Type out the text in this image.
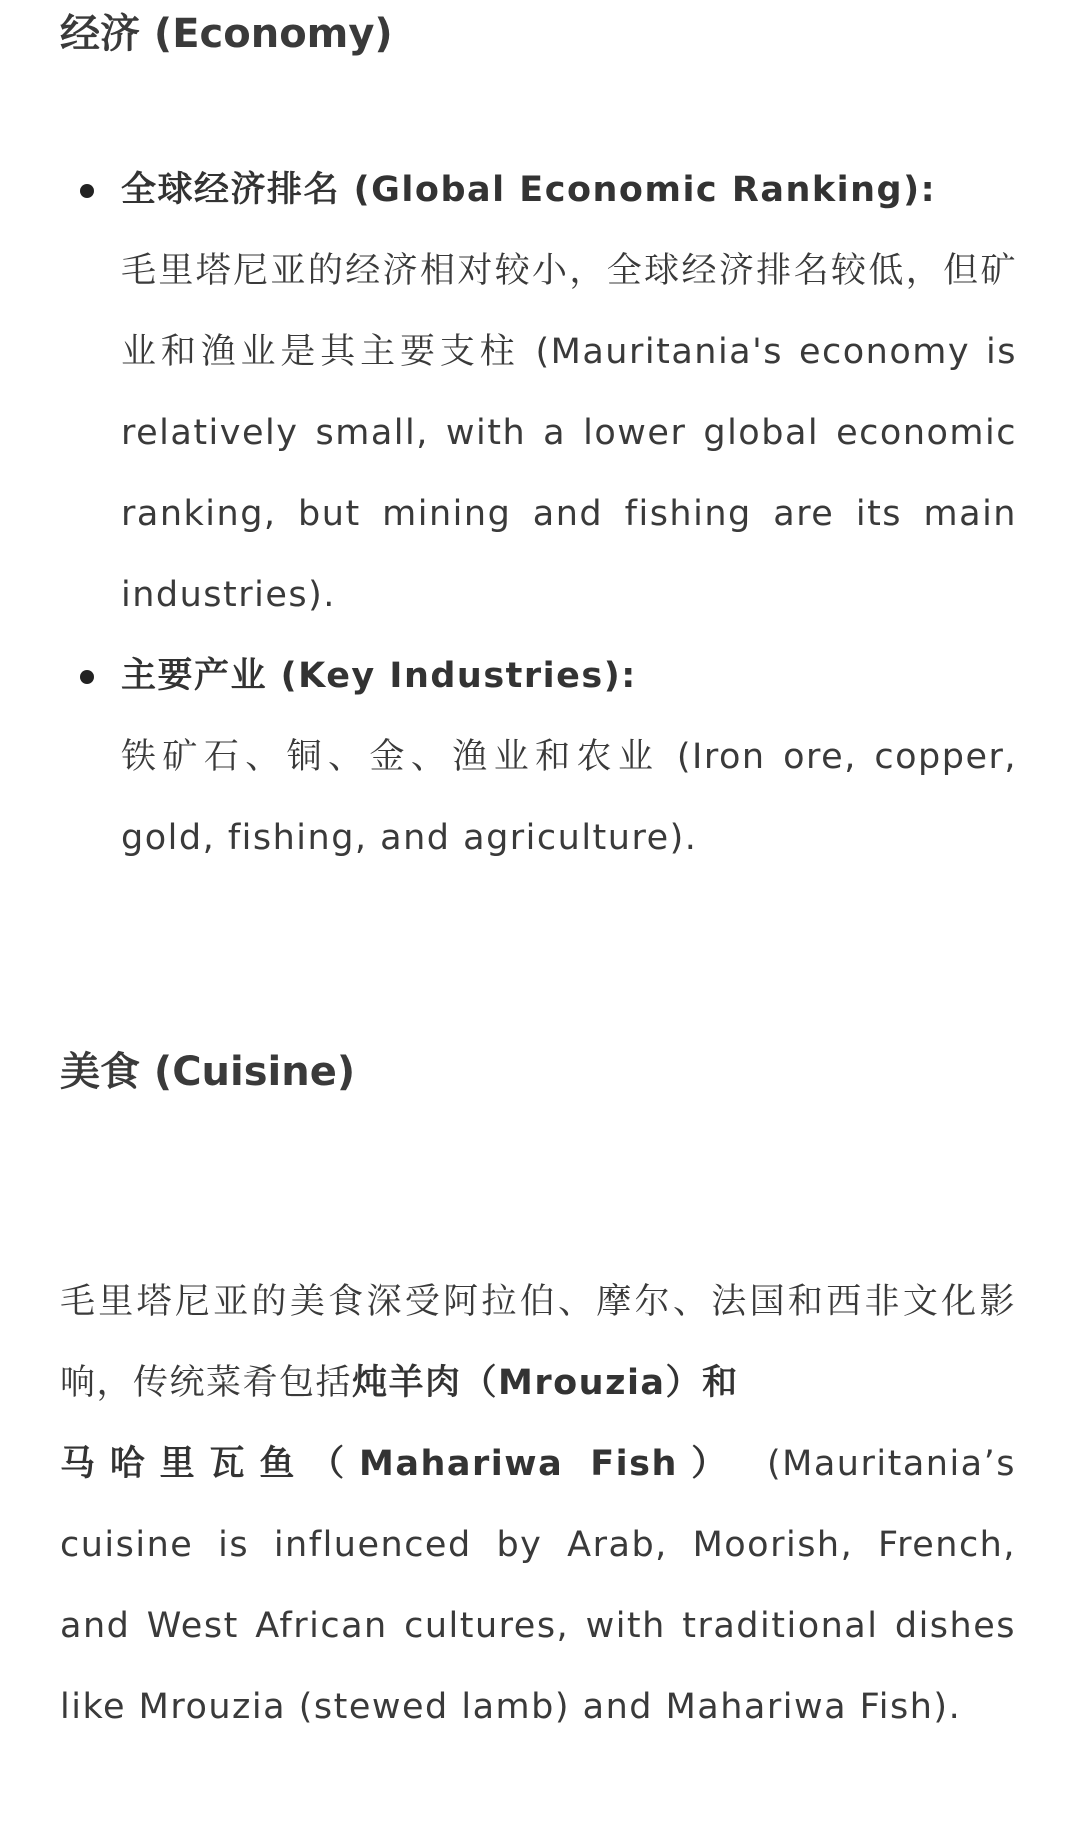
经济 (Economy)
全球经济排名 (Global Economic Ranking):
毛里塔尼亚的经济相对较小，全球经济排名较低，但矿业和渔业是其主要支柱 (Mauritania's economy is relatively small, with a lower global economic ranking, but mining and fishing are its main industries).
主要产业 (Key Industries):
铁矿石、铜、金、渔业和农业 (Iron ore, copper, gold, fishing, and agriculture).
美食 (Cuisine)

毛里塔尼亚的美食深受阿拉伯、摩尔、法国和西非文化影响，传统菜肴包括炖羊肉（Mrouzia）和
马哈里瓦鱼（Mahariwa Fish） (Mauritania’s cuisine is influenced by Arab, Moorish, French, and West African cultures, with traditional dishes like Mrouzia (stewed lamb) and Mahariwa Fish).
